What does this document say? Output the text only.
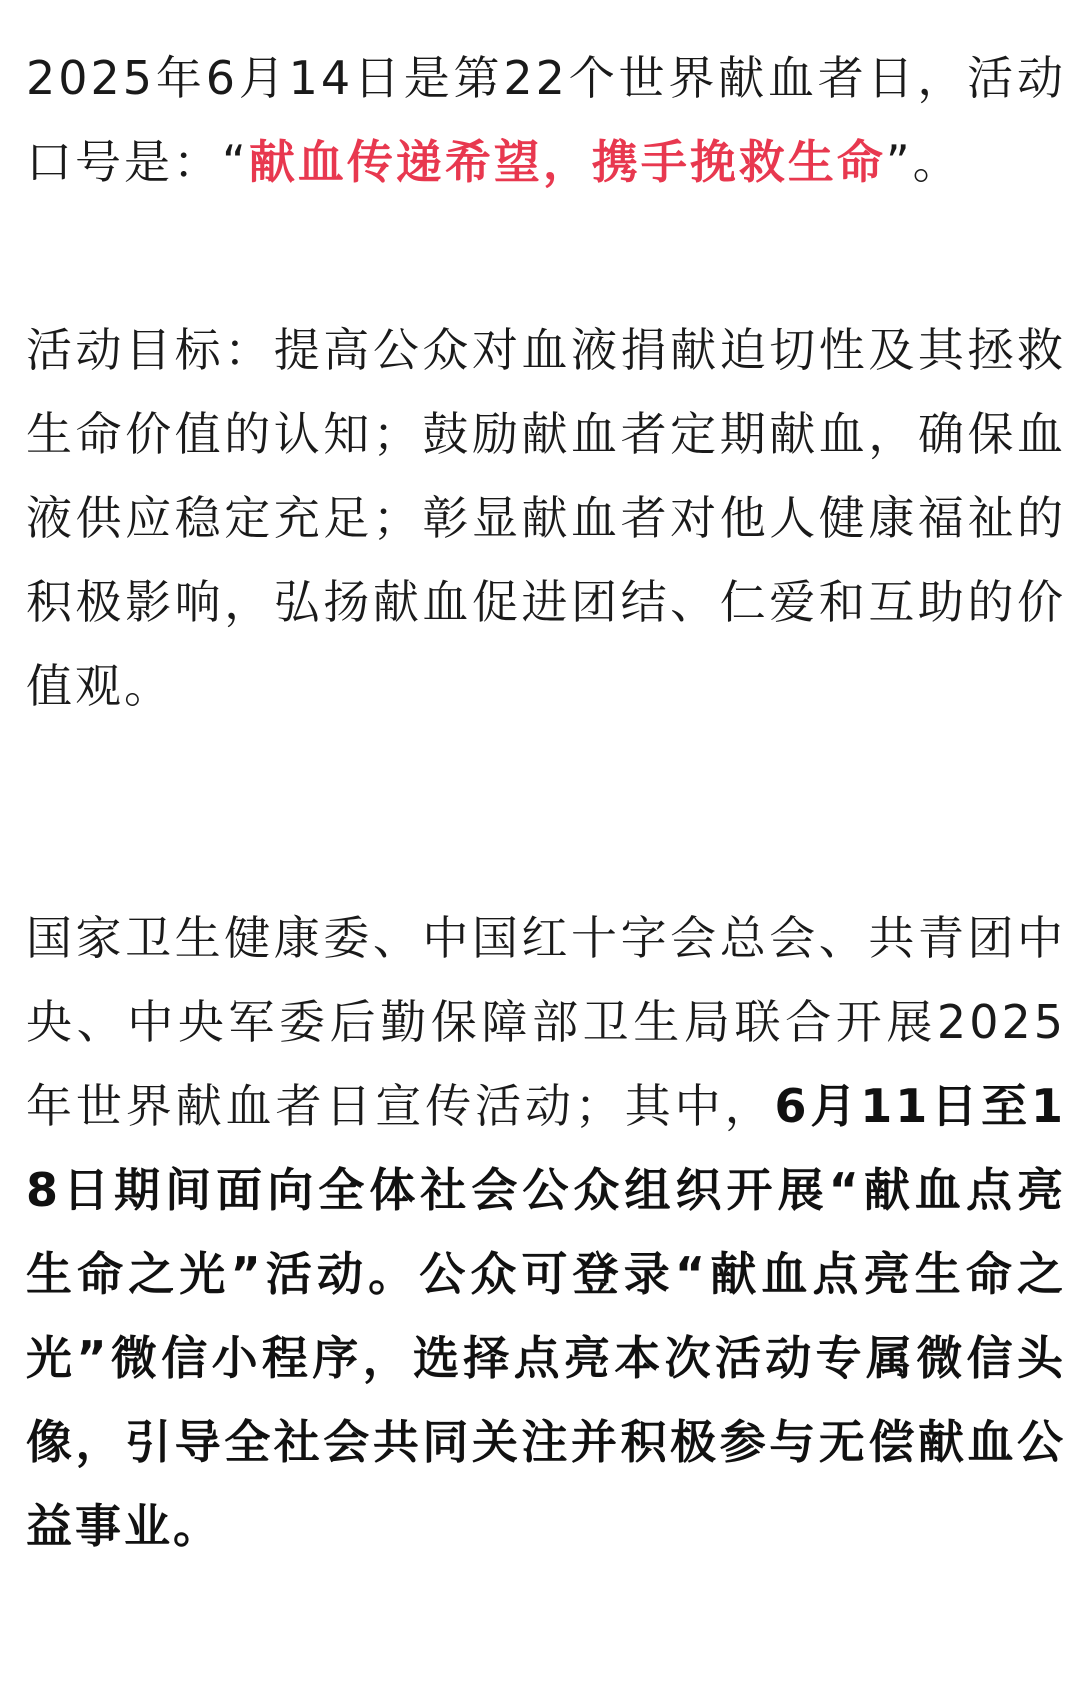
2025年6月14日是第22个世界献血者日，活动口号是：“献血传递希望，携手挽救生命”。

活动目标：提高公众对血液捐献迫切性及其拯救生命价值的认知；鼓励献血者定期献血，确保血液供应稳定充足；彰显献血者对他人健康福祉的积极影响，弘扬献血促进团结、仁爱和互助的价值观。

国家卫生健康委、中国红十字会总会、共青团中央、中央军委后勤保障部卫生局联合开展2025年世界献血者日宣传活动；其中，6月11日至18日期间面向全体社会公众组织开展“献血点亮生命之光”活动。公众可登录“献血点亮生命之光”微信小程序，选择点亮本次活动专属微信头像，引导全社会共同关注并积极参与无偿献血公益事业。
